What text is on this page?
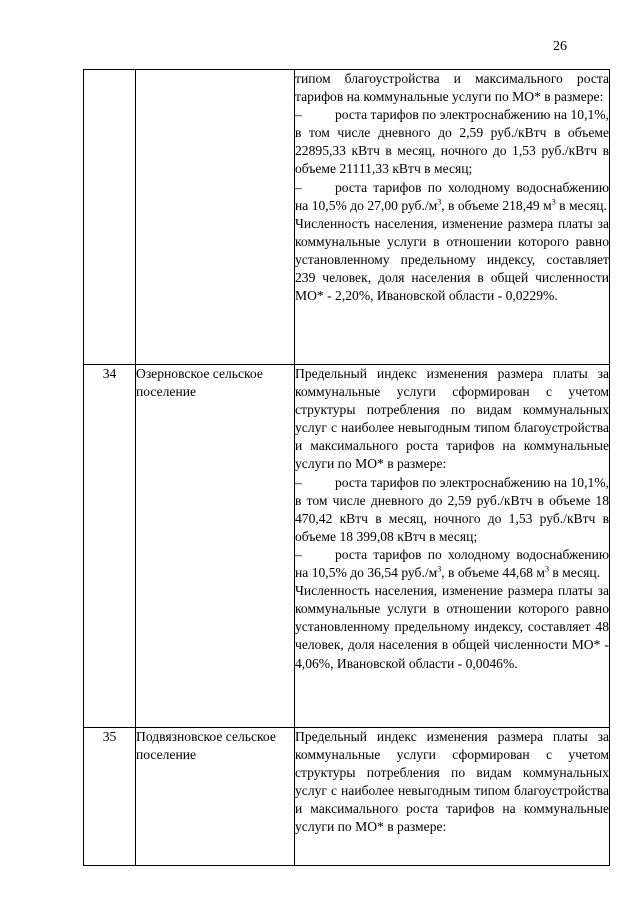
26

		типом благоустройства и максимального роста тарифов на коммунальные услуги по МО* в размере:

– роста тарифов по электроснабжению на 10,1%, в том числе дневного до 2,59 руб./кВтч в объеме 22895,33 кВтч в месяц, ночного до 1,53 руб./кВтч в объеме 21111,33 кВтч в месяц;

– роста тарифов по холодному водоснабжению на 10,5% до 27,00 $руб./м^3$, в объеме 218,49 $м^3$ в месяц.

Численность населения, изменение размера платы за коммунальные услуги в отношении которого равно установленному предельному индексу, составляет 239 человек, доля населения в общей численности МО* - 2,20%, Ивановской области - 0,0229%.

34	Озерновское сельское поселение	Предельный индекс изменения размера платы за коммунальные услуги сформирован с учетом структуры потребления по видам коммунальных услуг с наиболее невыгодным типом благоустройства и максимального роста тарифов на коммунальные услуги по МО* в размере:

– роста тарифов по электроснабжению на 10,1%, в том числе дневного до 2,59 руб./кВтч в объеме 18 470,42 кВтч в месяц, ночного до 1,53 руб./кВтч в объеме 18 399,08 кВтч в месяц;

– роста тарифов по холодному водоснабжению на 10,5% до 36,54 $руб./м^3$, в объеме 44,68 $м^3$ в месяц.

Численность населения, изменение размера платы за коммунальные услуги в отношении которого равно установленному предельному индексу, составляет 48 человек, доля населения в общей численности МО* - 4,06%, Ивановской области - 0,0046%.

35	Подвязновское сельское поселение	Предельный индекс изменения размера платы за коммунальные услуги сформирован с учетом структуры потребления по видам коммунальных услуг с наиболее невыгодным типом благоустройства и максимального роста тарифов на коммунальные услуги по МО* в размере:
